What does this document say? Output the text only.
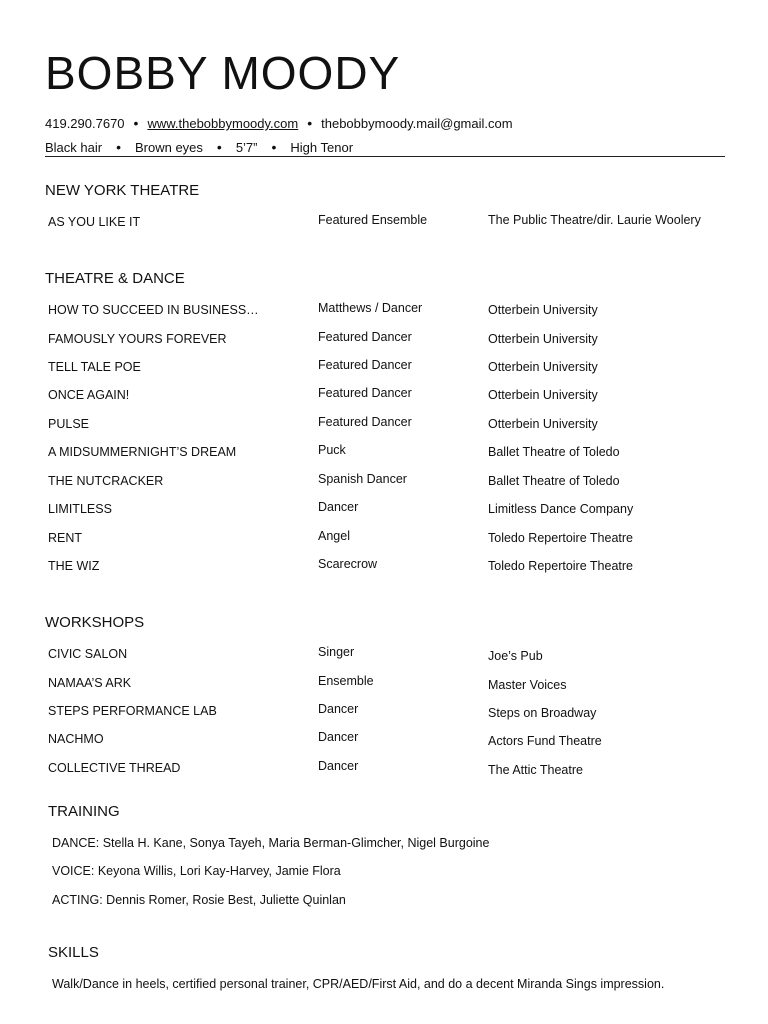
BOBBY MOODY
419.290.7670 • www.thebobbymoody.com • thebobbymoody.mail@gmail.com
Black hair • Brown eyes • 5’7” • High Tenor
NEW YORK THEATRE
AS YOU LIKE IT	Featured Ensemble	The Public Theatre/dir. Laurie Woolery
THEATRE & DANCE
HOW TO SUCCEED IN BUSINESS…	Matthews / Dancer	Otterbein University
FAMOUSLY YOURS FOREVER	Featured Dancer	Otterbein University
TELL TALE POE	Featured Dancer	Otterbein University
ONCE AGAIN!	Featured Dancer	Otterbein University
PULSE	Featured Dancer	Otterbein University
A MIDSUMMERNIGHT’S DREAM	Puck	Ballet Theatre of Toledo
THE NUTCRACKER	Spanish Dancer	Ballet Theatre of Toledo
LIMITLESS	Dancer	Limitless Dance Company
RENT	Angel	Toledo Repertoire Theatre
THE WIZ	Scarecrow	Toledo Repertoire Theatre
WORKSHOPS
CIVIC SALON	Singer	Joe’s Pub
NAMAA’S ARK	Ensemble	Master Voices
STEPS PERFORMANCE LAB	Dancer	Steps on Broadway
NACHMO	Dancer	Actors Fund Theatre
COLLECTIVE THREAD	Dancer	The Attic Theatre
TRAINING
DANCE: Stella H. Kane, Sonya Tayeh, Maria Berman-Glimcher, Nigel Burgoine
VOICE: Keyona Willis, Lori Kay-Harvey, Jamie Flora
ACTING: Dennis Romer, Rosie Best, Juliette Quinlan
SKILLS
Walk/Dance in heels, certified personal trainer, CPR/AED/First Aid, and do a decent Miranda Sings impression.
